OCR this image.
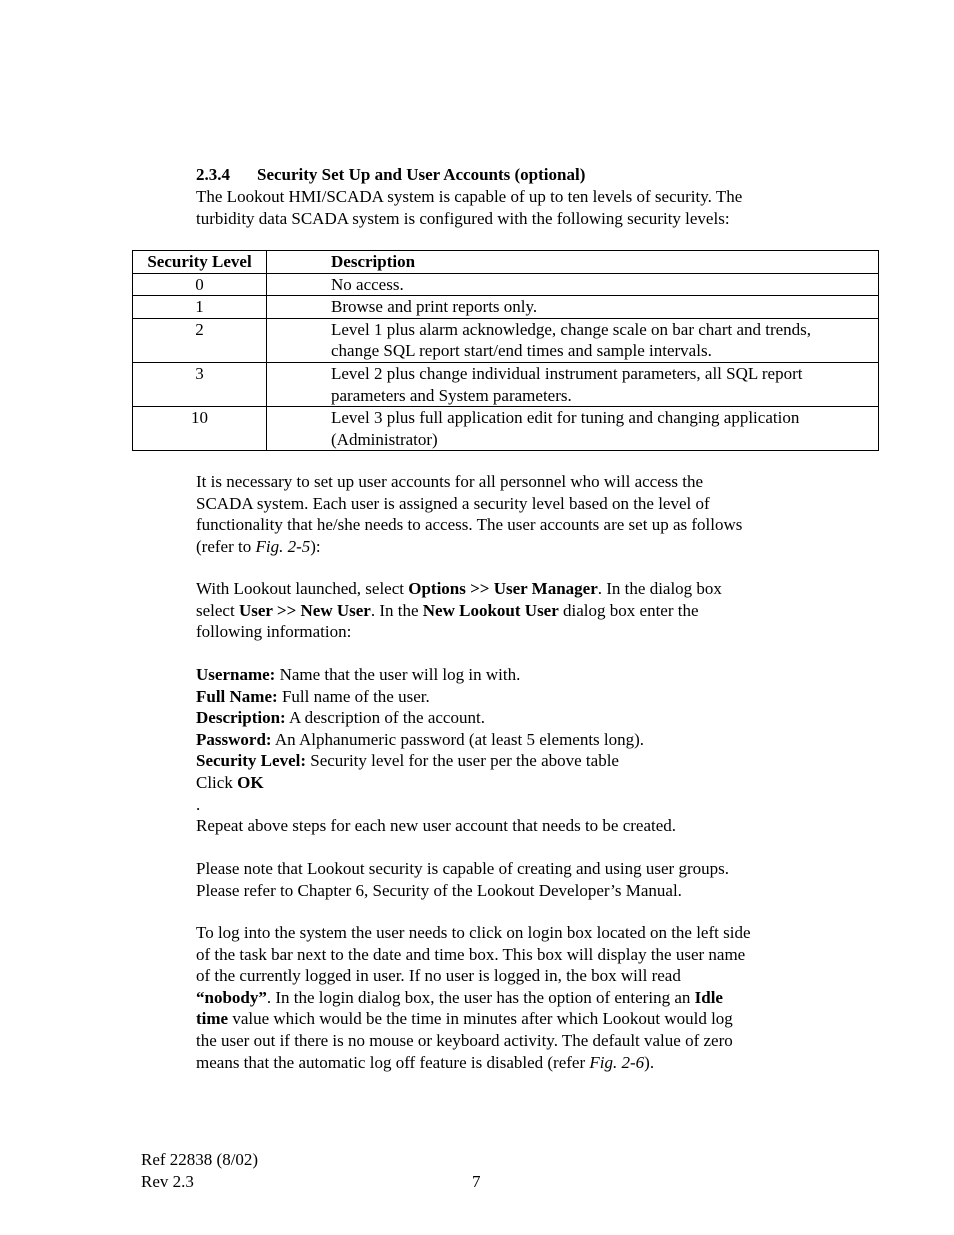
2.3.4 Security Set Up and User Accounts (optional)
The Lookout HMI/SCADA system is capable of up to ten levels of security. The
turbidity data SCADA system is configured with the following security levels:
Security Level	Description
0	No access.
1	Browse and print reports only.
2	Level 1 plus alarm acknowledge, change scale on bar chart and trends,
change SQL report start/end times and sample intervals.

3	Level 2 plus change individual instrument parameters, all SQL report
parameters and System parameters.

10	Level 3 plus full application edit for tuning and changing application
(Administrator)
It is necessary to set up user accounts for all personnel who will access the
SCADA system. Each user is assigned a security level based on the level of
functionality that he/she needs to access. The user accounts are set up as follows
(refer to Fig. 2-5):
With Lookout launched, select Options >> User Manager. In the dialog box
select User >> New User. In the New Lookout User dialog box enter the
following information:
Username: Name that the user will log in with.
Full Name: Full name of the user.
Description: A description of the account.
Password: An Alphanumeric password (at least 5 elements long).
Security Level: Security level for the user per the above table
Click OK
.
Repeat above steps for each new user account that needs to be created.
Please note that Lookout security is capable of creating and using user groups.
Please refer to Chapter 6, Security of the Lookout Developer’s Manual.
To log into the system the user needs to click on login box located on the left side
of the task bar next to the date and time box. This box will display the user name
of the currently logged in user. If no user is logged in, the box will read
“nobody”. In the login dialog box, the user has the option of entering an Idle
time value which would be the time in minutes after which Lookout would log
the user out if there is no mouse or keyboard activity. The default value of zero
means that the automatic log off feature is disabled (refer Fig. 2-6).
Ref 22838 (8/02)
Rev 2.3	7
